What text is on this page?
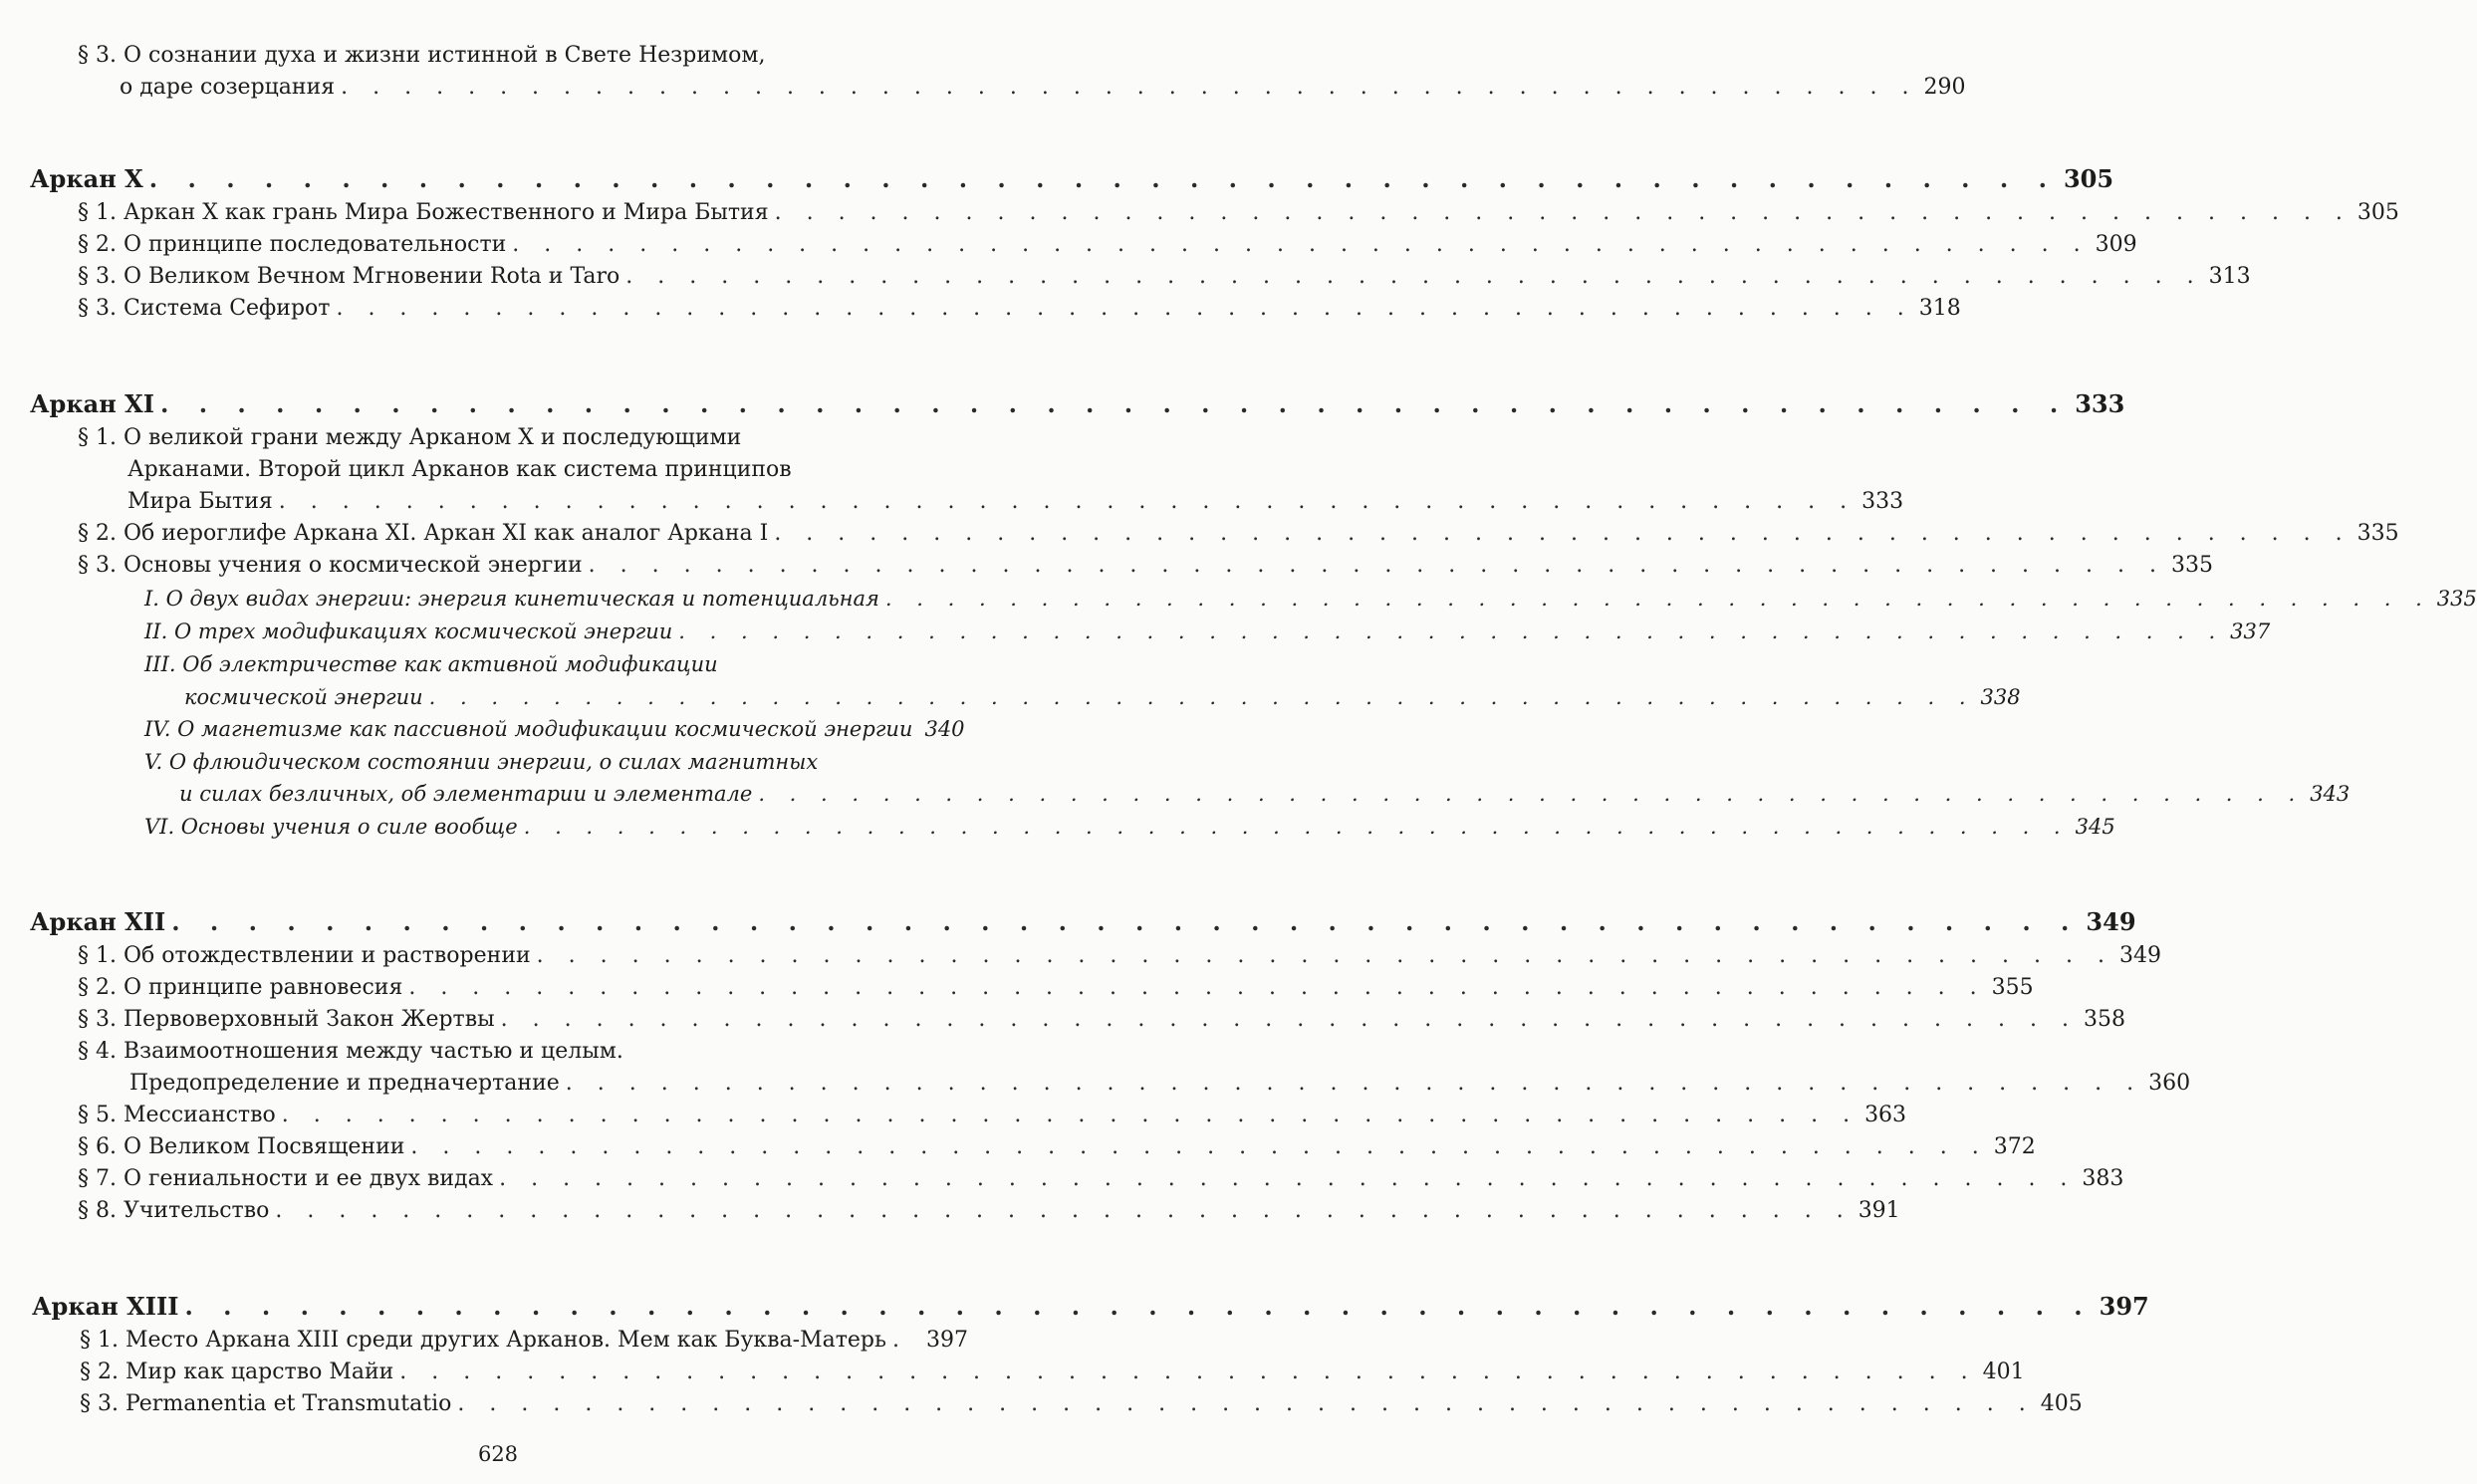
§ 3. О сознании духа и жизни истинной в Свете Незримом,
о даре созерцания . . . . . . . . . . . . . . . . . . . . . . . . . . . . . . . . . . . . . . . . . . . . . . . . . . 290
Аркан X . . . . . . . . . . . . . . . . . . . . . . . . . . . . . . . . . . . . . . . . . . . . . . . . . . 305
§ 1. Аркан X как грань Мира Божественного и Мира Бытия . . . . . . . . . . . . . . . . . . . . . . . . . . . . . . . . . . . . . . . . . . . . . . . . . . 305
§ 2. О принципе последовательности . . . . . . . . . . . . . . . . . . . . . . . . . . . . . . . . . . . . . . . . . . . . . . . . . . 309
§ 3. О Великом Вечном Мгновении Rota и Taro . . . . . . . . . . . . . . . . . . . . . . . . . . . . . . . . . . . . . . . . . . . . . . . . . . 313
§ 3. Система Сефирот . . . . . . . . . . . . . . . . . . . . . . . . . . . . . . . . . . . . . . . . . . . . . . . . . . 318
Аркан XI . . . . . . . . . . . . . . . . . . . . . . . . . . . . . . . . . . . . . . . . . . . . . . . . . . 333
§ 1. О великой грани между Арканом X и последующими
Арканами. Второй цикл Арканов как система принципов
Мира Бытия . . . . . . . . . . . . . . . . . . . . . . . . . . . . . . . . . . . . . . . . . . . . . . . . . . 333
§ 2. Об иероглифе Аркана XI. Аркан XI как аналог Аркана I . . . . . . . . . . . . . . . . . . . . . . . . . . . . . . . . . . . . . . . . . . . . . . . . . . 335
§ 3. Основы учения о космической энергии . . . . . . . . . . . . . . . . . . . . . . . . . . . . . . . . . . . . . . . . . . . . . . . . . . 335
I. О двух видах энергии: энергия кинетическая и потенциальная . . . . . . . . . . . . . . . . . . . . . . . . . . . . . . . . . . . . . . . . . . . . . . . . . . 335
II. О трех модификациях космической энергии . . . . . . . . . . . . . . . . . . . . . . . . . . . . . . . . . . . . . . . . . . . . . . . . . . 337
III. Об электричестве как активной модификации
космической энергии . . . . . . . . . . . . . . . . . . . . . . . . . . . . . . . . . . . . . . . . . . . . . . . . . . 338
IV. О магнетизме как пассивной модификации космической энергии 340
V. О флюидическом состоянии энергии, о силах магнитных
и силах безличных, об элементарии и элементале . . . . . . . . . . . . . . . . . . . . . . . . . . . . . . . . . . . . . . . . . . . . . . . . . . 343
VI. Основы учения о силе вообще . . . . . . . . . . . . . . . . . . . . . . . . . . . . . . . . . . . . . . . . . . . . . . . . . . 345
Аркан XII . . . . . . . . . . . . . . . . . . . . . . . . . . . . . . . . . . . . . . . . . . . . . . . . . . 349
§ 1. Об отождествлении и растворении . . . . . . . . . . . . . . . . . . . . . . . . . . . . . . . . . . . . . . . . . . . . . . . . . . 349
§ 2. О принципе равновесия . . . . . . . . . . . . . . . . . . . . . . . . . . . . . . . . . . . . . . . . . . . . . . . . . . 355
§ 3. Первоверховный Закон Жертвы . . . . . . . . . . . . . . . . . . . . . . . . . . . . . . . . . . . . . . . . . . . . . . . . . . 358
§ 4. Взаимоотношения между частью и целым.
Предопределение и предначертание . . . . . . . . . . . . . . . . . . . . . . . . . . . . . . . . . . . . . . . . . . . . . . . . . . 360
§ 5. Мессианство . . . . . . . . . . . . . . . . . . . . . . . . . . . . . . . . . . . . . . . . . . . . . . . . . . 363
§ 6. О Великом Посвящении . . . . . . . . . . . . . . . . . . . . . . . . . . . . . . . . . . . . . . . . . . . . . . . . . . 372
§ 7. О гениальности и ее двух видах . . . . . . . . . . . . . . . . . . . . . . . . . . . . . . . . . . . . . . . . . . . . . . . . . . 383
§ 8. Учительство . . . . . . . . . . . . . . . . . . . . . . . . . . . . . . . . . . . . . . . . . . . . . . . . . . 391
Аркан XIII . . . . . . . . . . . . . . . . . . . . . . . . . . . . . . . . . . . . . . . . . . . . . . . . . . 397
§ 1. Место Аркана XIII среди других Арканов. Мем как Буква-Матерь . 397
§ 2. Мир как царство Майи . . . . . . . . . . . . . . . . . . . . . . . . . . . . . . . . . . . . . . . . . . . . . . . . . . 401
§ 3. Permanentia et Transmutatio . . . . . . . . . . . . . . . . . . . . . . . . . . . . . . . . . . . . . . . . . . . . . . . . . . 405
628
